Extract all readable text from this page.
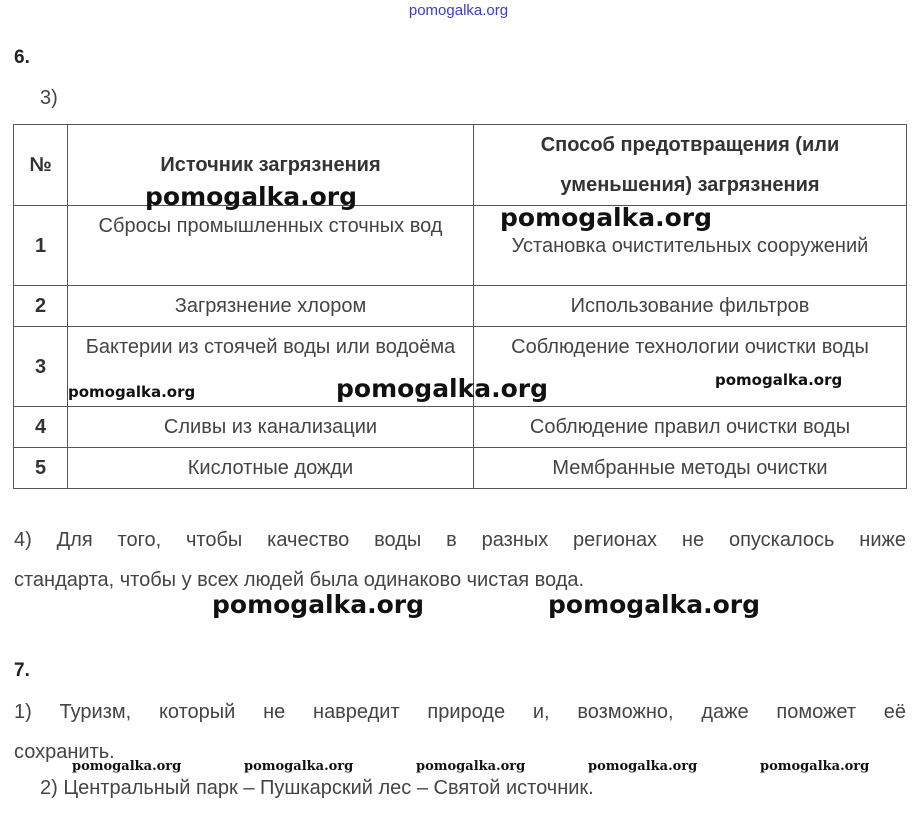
pomogalka.org
6.
3)
№	Источник загрязнения	Способ предотвращения (или уменьшения) загрязнения
1	Сбросы промышленных сточных вод	Установка очистительных сооружений
2	Загрязнение хлором	Использование фильтров
3	Бактерии из стоячей воды или водоёма	Соблюдение технологии очистки воды
4	Сливы из канализации	Соблюдение правил очистки воды
5	Кислотные дожди	Мембранные методы очистки
4) Для того, чтобы качество воды в разных регионах не опускалось ниже

стандарта, чтобы у всех людей была одинаково чистая вода.
7.
1) Туризм, который не навредит природе и, возможно, даже поможет её

сохранить.
2) Центральный парк – Пушкарский лес – Святой источник.
pomogalka.org
pomogalka.org
pomogalka.org	pomogalka.org	pomogalka.org
pomogalka.org	pomogalka.org
pomogalka.org	pomogalka.org	pomogalka.org	pomogalka.org	pomogalka.org
